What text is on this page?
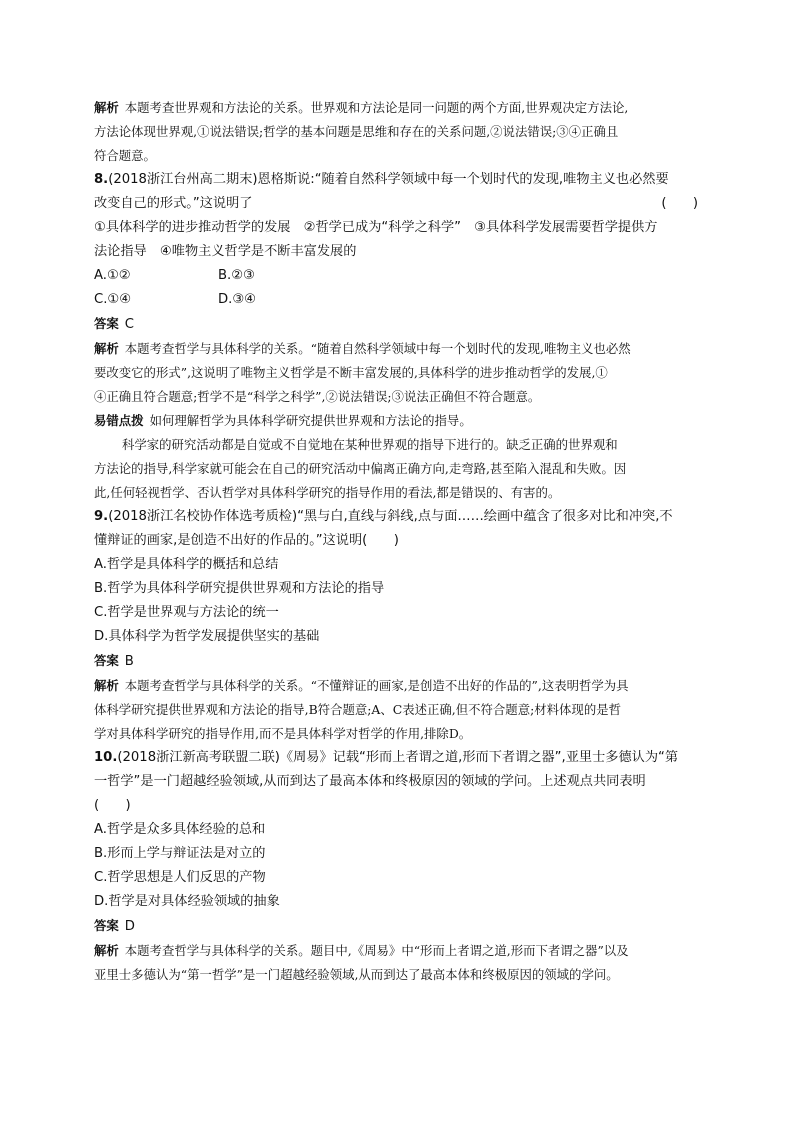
解析 本题考查世界观和方法论的关系。世界观和方法论是同一问题的两个方面,世界观决定方法论,
方法论体现世界观,①说法错误;哲学的基本问题是思维和存在的关系问题,②说法错误;③④正确且
符合题意。
8.(2018浙江台州高二期末)恩格斯说:“随着自然科学领域中每一个划时代的发现,唯物主义也必然要
改变自己的形式。”这说明了	(　　)
①具体科学的进步推动哲学的发展　②哲学已成为“科学之科学”　③具体科学发展需要哲学提供方
法论指导　④唯物主义哲学是不断丰富发展的
A.①②	B.②③
C.①④	D.③④
答案 C
解析 本题考查哲学与具体科学的关系。“随着自然科学领域中每一个划时代的发现,唯物主义也必然
要改变它的形式”,这说明了唯物主义哲学是不断丰富发展的,具体科学的进步推动哲学的发展,①
④正确且符合题意;哲学不是“科学之科学”,②说法错误;③说法正确但不符合题意。
易错点拨 如何理解哲学为具体科学研究提供世界观和方法论的指导。
科学家的研究活动都是自觉或不自觉地在某种世界观的指导下进行的。缺乏正确的世界观和
方法论的指导,科学家就可能会在自己的研究活动中偏离正确方向,走弯路,甚至陷入混乱和失败。因
此,任何轻视哲学、否认哲学对具体科学研究的指导作用的看法,都是错误的、有害的。
9.(2018浙江名校协作体选考质检)“黑与白,直线与斜线,点与面……绘画中蕴含了很多对比和冲突,不
懂辩证的画家,是创造不出好的作品的。”这说明(　　)
A.哲学是具体科学的概括和总结
B.哲学为具体科学研究提供世界观和方法论的指导
C.哲学是世界观与方法论的统一
D.具体科学为哲学发展提供坚实的基础
答案 B
解析 本题考查哲学与具体科学的关系。“不懂辩证的画家,是创造不出好的作品的”,这表明哲学为具
体科学研究提供世界观和方法论的指导,B符合题意;A、C表述正确,但不符合题意;材料体现的是哲
学对具体科学研究的指导作用,而不是具体科学对哲学的作用,排除D。
10.(2018浙江新高考联盟二联)《周易》记载“形而上者谓之道,形而下者谓之器”,亚里士多德认为“第
一哲学”是一门超越经验领域,从而到达了最高本体和终极原因的领域的学问。上述观点共同表明
(　　)
A.哲学是众多具体经验的总和
B.形而上学与辩证法是对立的
C.哲学思想是人们反思的产物
D.哲学是对具体经验领域的抽象
答案 D
解析 本题考查哲学与具体科学的关系。题目中,《周易》中“形而上者谓之道,形而下者谓之器”以及
亚里士多德认为“第一哲学”是一门超越经验领域,从而到达了最高本体和终极原因的领域的学问。
